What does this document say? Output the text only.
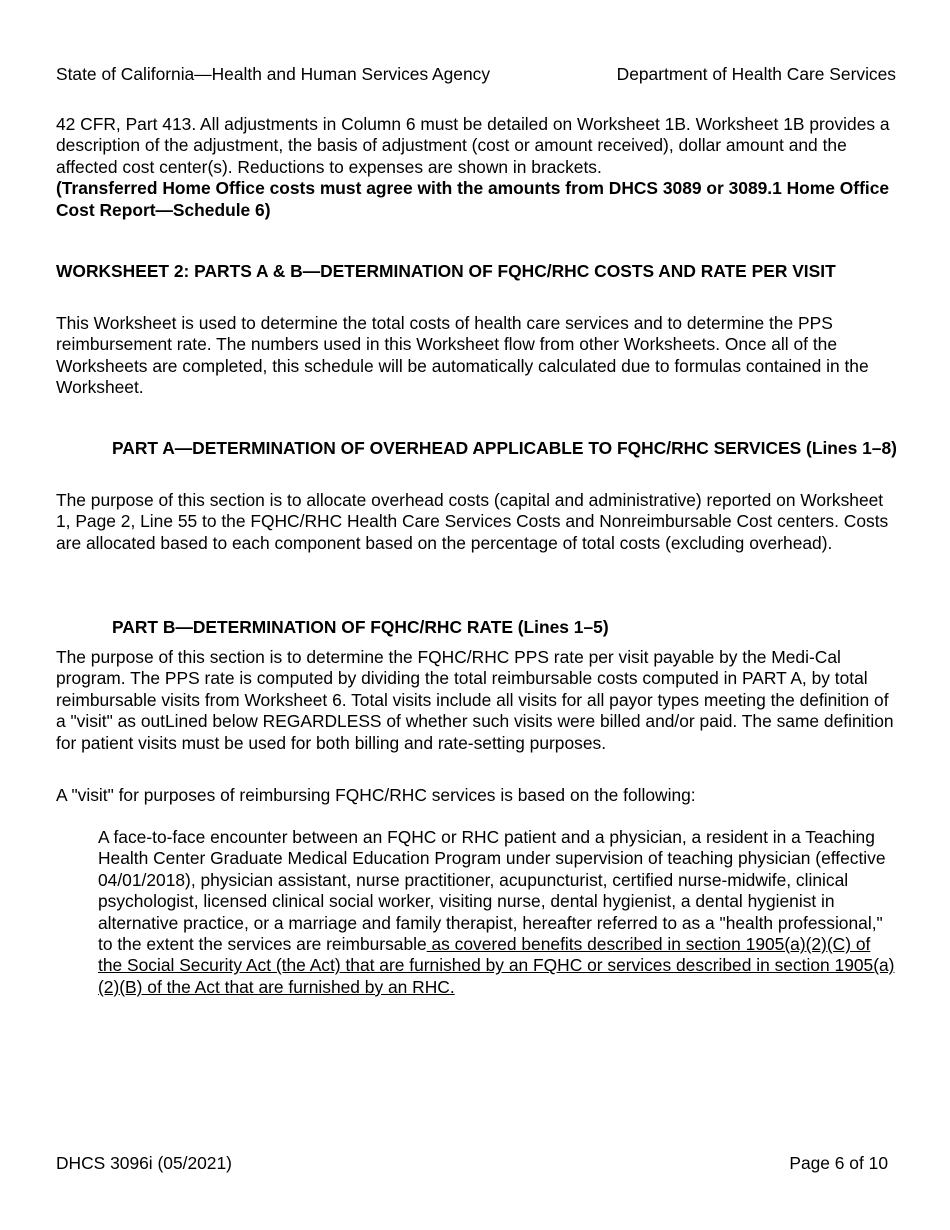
State of California—Health and Human Services Agency	Department of Health Care Services

42 CFR, Part 413. All adjustments in Column 6 must be detailed on Worksheet 1B. Worksheet 1B provides a description of the adjustment, the basis of adjustment (cost or amount received), dollar amount and the affected cost center(s). Reductions to expenses are shown in brackets.
(Transferred Home Office costs must agree with the amounts from DHCS 3089 or 3089.1 Home Office Cost Report—Schedule 6)

WORKSHEET 2: PARTS A & B—DETERMINATION OF FQHC/RHC COSTS AND RATE PER VISIT

This Worksheet is used to determine the total costs of health care services and to determine the PPS reimbursement rate. The numbers used in this Worksheet flow from other Worksheets. Once all of the Worksheets are completed, this schedule will be automatically calculated due to formulas contained in the Worksheet.

PART A—DETERMINATION OF OVERHEAD APPLICABLE TO FQHC/RHC SERVICES (Lines 1–8)

The purpose of this section is to allocate overhead costs (capital and administrative) reported on Worksheet 1, Page 2, Line 55 to the FQHC/RHC Health Care Services Costs and Nonreimbursable Cost centers. Costs are allocated based to each component based on the percentage of total costs (excluding overhead).

PART B—DETERMINATION OF FQHC/RHC RATE (Lines 1–5)

The purpose of this section is to determine the FQHC/RHC PPS rate per visit payable by the Medi-Cal program. The PPS rate is computed by dividing the total reimbursable costs computed in PART A, by total reimbursable visits from Worksheet 6. Total visits include all visits for all payor types meeting the definition of a "visit" as outLined below REGARDLESS of whether such visits were billed and/or paid. The same definition for patient visits must be used for both billing and rate-setting purposes.

A "visit" for purposes of reimbursing FQHC/RHC services is based on the following:

A face-to-face encounter between an FQHC or RHC patient and a physician, a resident in a Teaching Health Center Graduate Medical Education Program under supervision of teaching physician (effective 04/01/2018), physician assistant, nurse practitioner, acupuncturist, certified nurse-midwife, clinical psychologist, licensed clinical social worker, visiting nurse, dental hygienist, a dental hygienist in alternative practice, or a marriage and family therapist, hereafter referred to as a "health professional," to the extent the services are reimbursable as covered benefits described in section 1905(a)(2)(C) of the Social Security Act (the Act) that are furnished by an FQHC or services described in section 1905(a)(2)(B) of the Act that are furnished by an RHC.

DHCS 3096i (05/2021)	Page 6 of 10
